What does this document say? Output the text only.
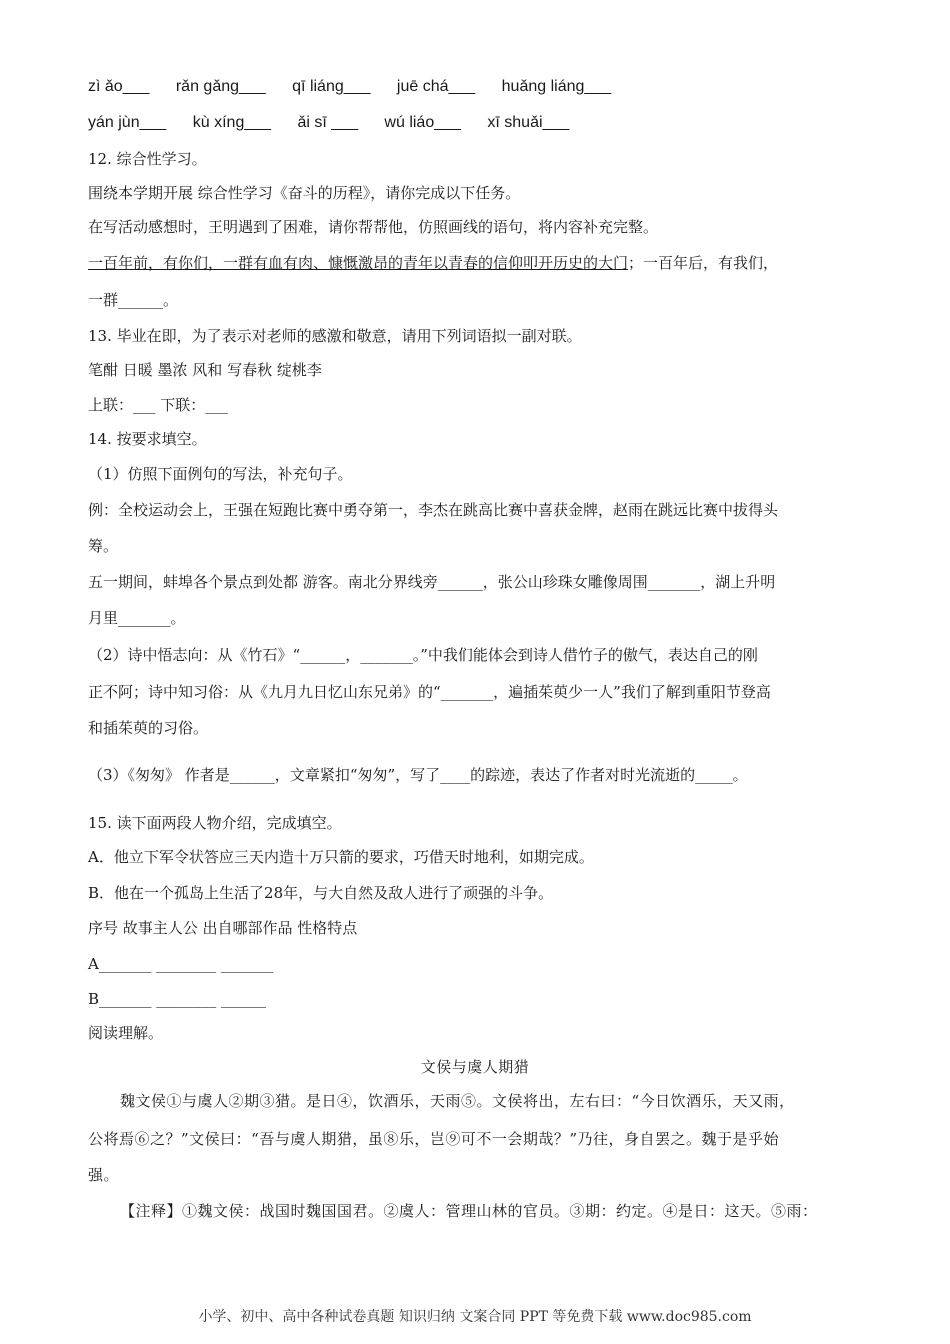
zì ǎo___ rǎn gǎng___ qī liáng___ juē chá___ huǎng liáng___
yán jùn___ kù xíng___ ǎi sī ___ wú liáo___ xī shuǎi___
12. 综合性学习。
围绕本学期开展 综合性学习《奋斗的历程》，请你完成以下任务。
在写活动感想时，王明遇到了困难，请你帮帮他，仿照画线的语句，将内容补充完整。
一百年前，有你们，一群有血有肉、慷慨激昂的青年以青春的信仰叩开历史的大门；一百年后，有我们，
一群______。
13. 毕业在即，为了表示对老师的感激和敬意，请用下列词语拟一副对联。
笔酣 日暖 墨浓 风和 写春秋 绽桃李
上联：___ 下联：___
14. 按要求填空。
（1）仿照下面例句的写法，补充句子。
例：全校运动会上，王强在短跑比赛中勇夺第一，李杰在跳高比赛中喜获金牌，赵雨在跳远比赛中拔得头
筹。
五一期间，蚌埠各个景点到处都 游客。南北分界线旁______，张公山珍珠女雕像周围_______，湖上升明
月里_______。
（2）诗中悟志向：从《竹石》“______，_______。”中我们能体会到诗人借竹子的傲气，表达自己的刚
正不阿；诗中知习俗：从《九月九日忆山东兄弟》的“_______，遍插茱萸少一人”我们了解到重阳节登高
和插茱萸的习俗。
（3）《匆匆》 作者是______，文章紧扣“匆匆”，写了____的踪迹，表达了作者对时光流逝的_____。
15. 读下面两段人物介绍，完成填空。
A．他立下军令状答应三天内造十万只箭的要求，巧借天时地利，如期完成。
B．他在一个孤岛上生活了28年，与大自然及敌人进行了顽强的斗争。
序号 故事主人公 出自哪部作品 性格特点
A_______ ________ _______
B_______ ________ ______
阅读理解。
文侯与虞人期猎
魏文侯①与虞人②期③猎。是日④，饮酒乐，天雨⑤。文侯将出，左右曰：“今日饮酒乐，天又雨，
公将焉⑥之？”文侯曰：“吾与虞人期猎，虽⑧乐，岂⑨可不一会期哉？”乃往，身自罢之。魏于是乎始
强。
【注释】①魏文侯：战国时魏国国君。②虞人：管理山林的官员。③期：约定。④是日：这天。⑤雨：
小学、初中、高中各种试卷真题 知识归纳 文案合同 PPT 等免费下载 www.doc985.com
